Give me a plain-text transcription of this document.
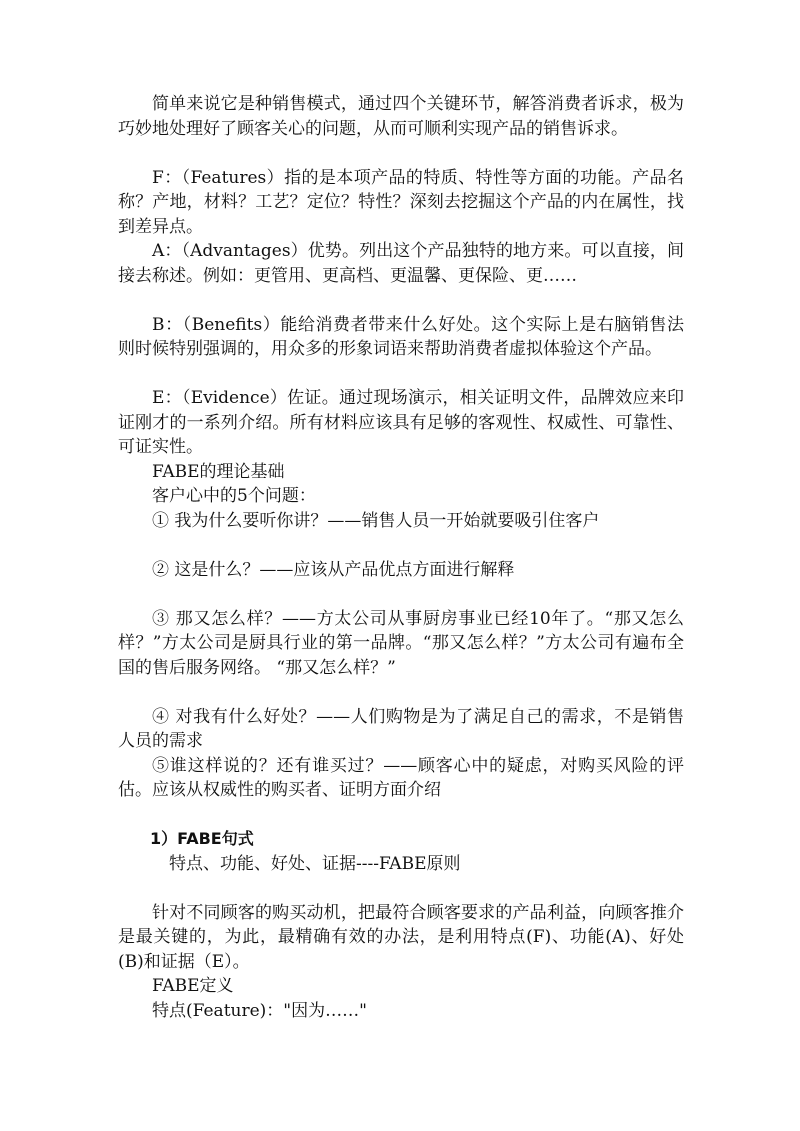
简单来说它是种销售模式，通过四个关键环节，解答消费者诉求，极为巧妙地处理好了顾客关心的问题，从而可顺利实现产品的销售诉求。

F：（Features）指的是本项产品的特质、特性等方面的功能。产品名称？产地，材料？工艺？定位？特性？深刻去挖掘这个产品的内在属性，找到差异点。

A：（Advantages）优势。列出这个产品独特的地方来。可以直接，间接去称述。例如：更管用、更高档、更温馨、更保险、更……

B：（Benefits）能给消费者带来什么好处。这个实际上是右脑销售法则时候特别强调的，用众多的形象词语来帮助消费者虚拟体验这个产品。

E：（Evidence）佐证。通过现场演示，相关证明文件，品牌效应来印证刚才的一系列介绍。所有材料应该具有足够的客观性、权威性、可靠性、可证实性。

FABE的理论基础

客户心中的5个问题：

① 我为什么要听你讲？——销售人员一开始就要吸引住客户

② 这是什么？——应该从产品优点方面进行解释

③ 那又怎么样？——方太公司从事厨房事业已经10年了。“那又怎么样？”方太公司是厨具行业的第一品牌。“那又怎么样？”方太公司有遍布全国的售后服务网络。 “那又怎么样？”

④ 对我有什么好处？——人们购物是为了满足自己的需求，不是销售人员的需求

⑤谁这样说的？还有谁买过？——顾客心中的疑虑，对购买风险的评估。应该从权威性的购买者、证明方面介绍

1）FABE句式

特点、功能、好处、证据----FABE原则

针对不同顾客的购买动机，把最符合顾客要求的产品利益，向顾客推介是最关键的，为此，最精确有效的办法，是利用特点(F)、功能(A)、好处(B)和证据（E）。

FABE定义

特点(Feature)："因为……"
